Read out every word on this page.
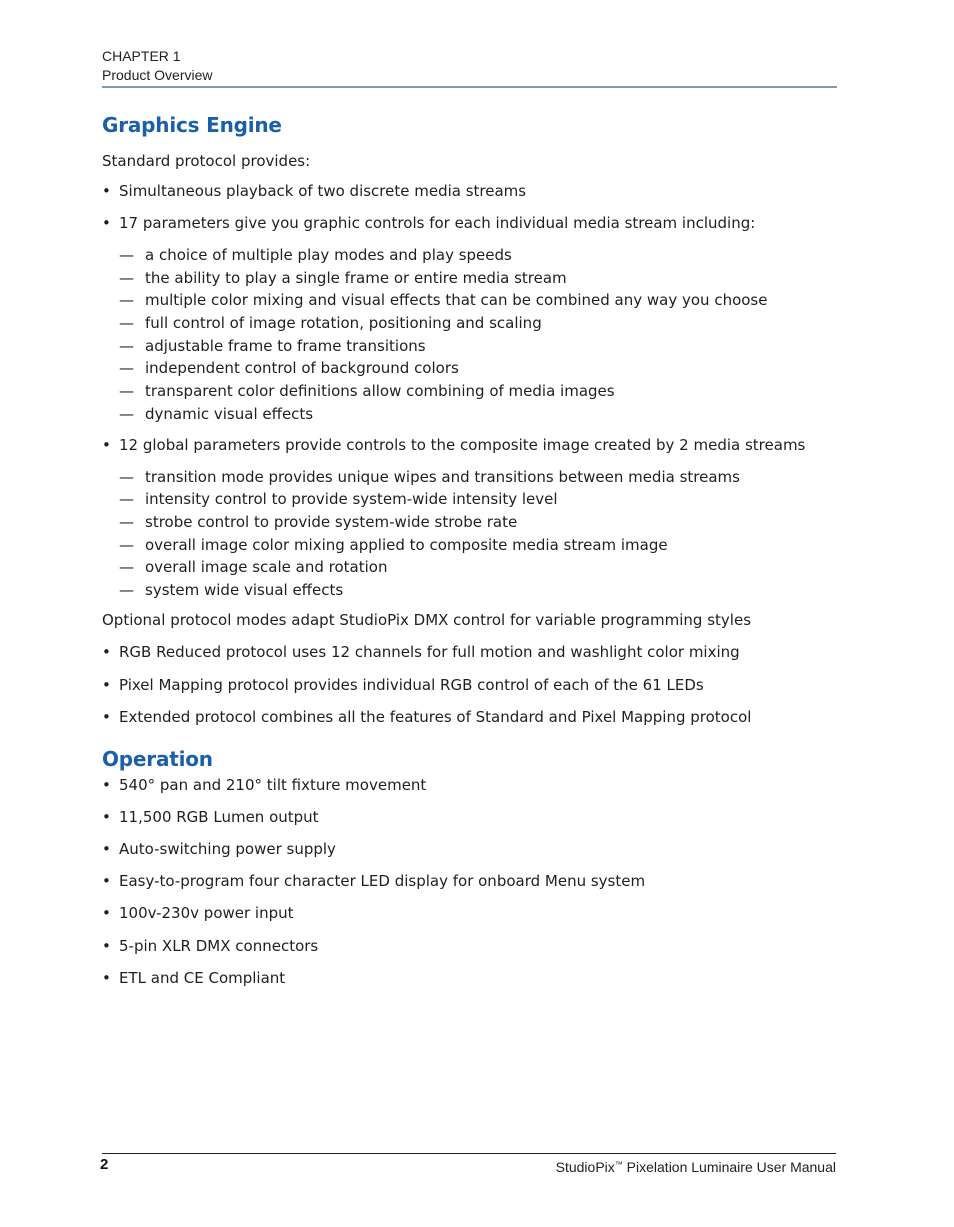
CHAPTER 1
Product Overview
Graphics Engine

Standard protocol provides:

• Simultaneous playback of two discrete media streams

• 17 parameters give you graphic controls for each individual media stream including:

— a choice of multiple play modes and play speeds

— the ability to play a single frame or entire media stream

— multiple color mixing and visual effects that can be combined any way you choose

— full control of image rotation, positioning and scaling

— adjustable frame to frame transitions

— independent control of background colors

— transparent color definitions allow combining of media images

— dynamic visual effects

• 12 global parameters provide controls to the composite image created by 2 media streams

— transition mode provides unique wipes and transitions between media streams

— intensity control to provide system-wide intensity level

— strobe control to provide system-wide strobe rate

— overall image color mixing applied to composite media stream image

— overall image scale and rotation

— system wide visual effects

Optional protocol modes adapt StudioPix DMX control for variable programming styles

• RGB Reduced protocol uses 12 channels for full motion and washlight color mixing

• Pixel Mapping protocol provides individual RGB control of each of the 61 LEDs

• Extended protocol combines all the features of Standard and Pixel Mapping protocol

Operation

• 540° pan and 210° tilt fixture movement

• 11,500 RGB Lumen output

• Auto-switching power supply

• Easy-to-program four character LED display for onboard Menu system

• 100v-230v power input

• 5-pin XLR DMX connectors

• ETL and CE Compliant

2	StudioPix™ Pixelation Luminaire User Manual
